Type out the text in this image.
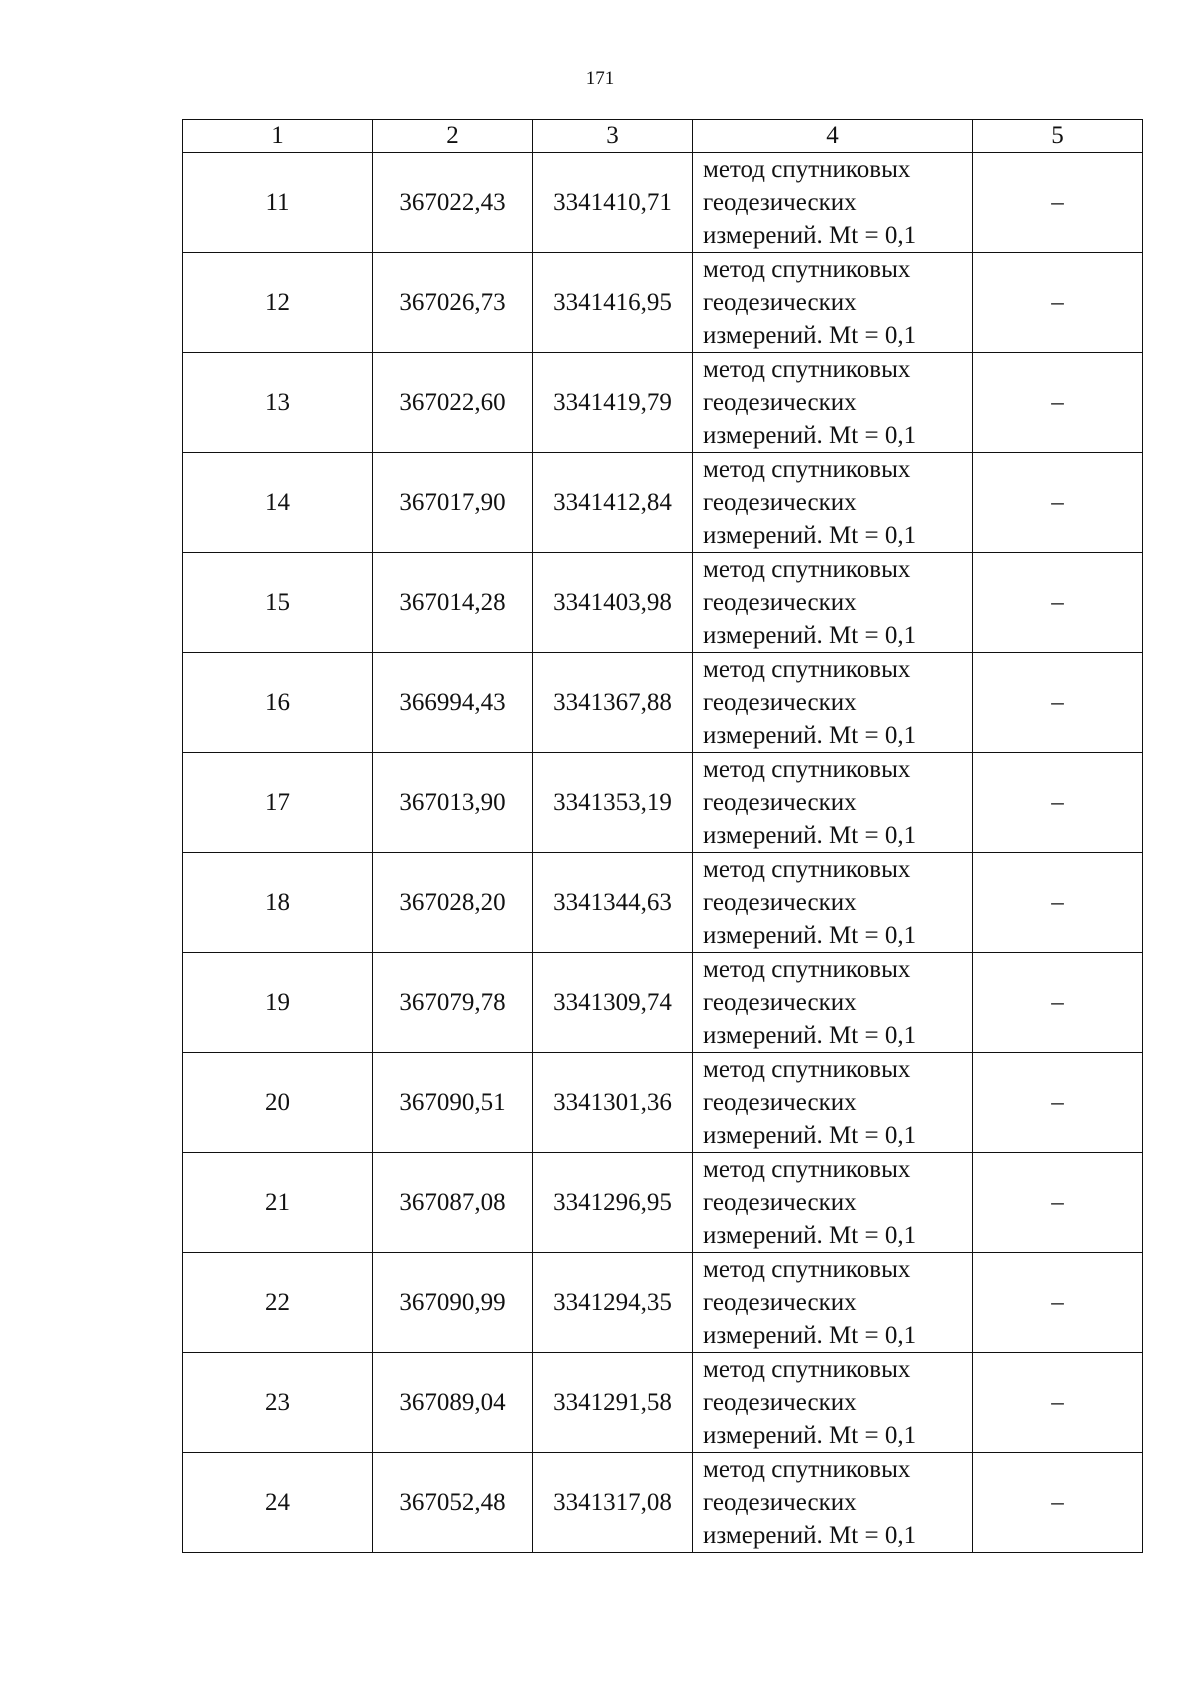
171
1	2	3	4	5
11	367022,43	3341410,71	метод спутниковых
геодезических
измерений. Mt = 0,1	–
12	367026,73	3341416,95	метод спутниковых
геодезических
измерений. Mt = 0,1	–
13	367022,60	3341419,79	метод спутниковых
геодезических
измерений. Mt = 0,1	–
14	367017,90	3341412,84	метод спутниковых
геодезических
измерений. Mt = 0,1	–
15	367014,28	3341403,98	метод спутниковых
геодезических
измерений. Mt = 0,1	–
16	366994,43	3341367,88	метод спутниковых
геодезических
измерений. Mt = 0,1	–
17	367013,90	3341353,19	метод спутниковых
геодезических
измерений. Mt = 0,1	–
18	367028,20	3341344,63	метод спутниковых
геодезических
измерений. Mt = 0,1	–
19	367079,78	3341309,74	метод спутниковых
геодезических
измерений. Mt = 0,1	–
20	367090,51	3341301,36	метод спутниковых
геодезических
измерений. Mt = 0,1	–
21	367087,08	3341296,95	метод спутниковых
геодезических
измерений. Mt = 0,1	–
22	367090,99	3341294,35	метод спутниковых
геодезических
измерений. Mt = 0,1	–
23	367089,04	3341291,58	метод спутниковых
геодезических
измерений. Mt = 0,1	–
24	367052,48	3341317,08	метод спутниковых
геодезических
измерений. Mt = 0,1	–
